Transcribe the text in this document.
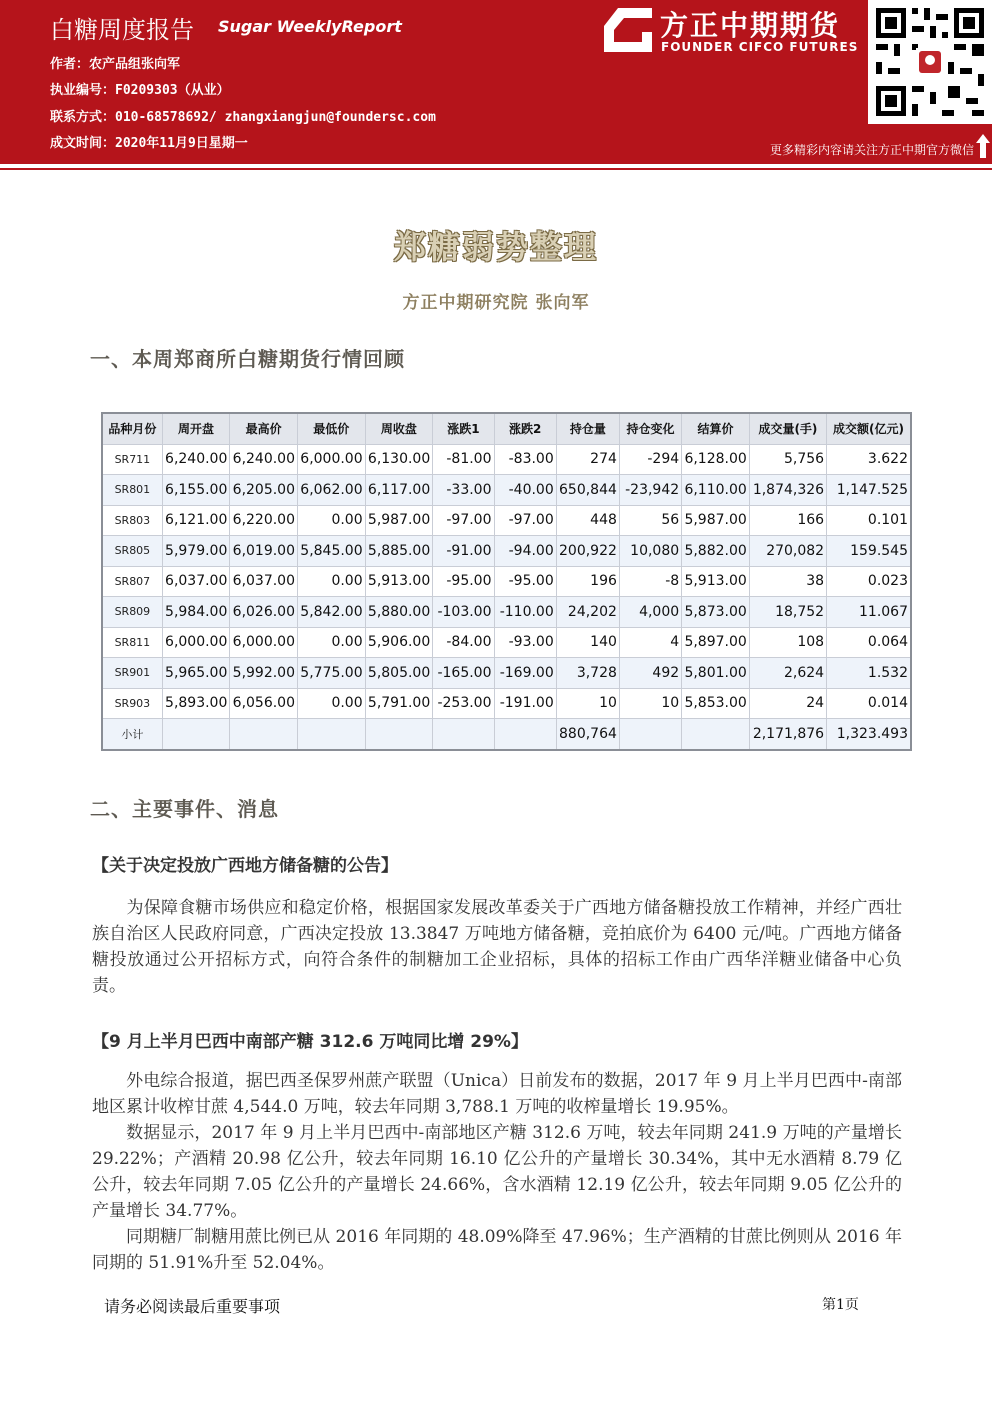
白糖周度报告 Sugar WeeklyReport
作者：农产品组张向军
执业编号：F0209303（从业）
联系方式：010-68578692/ zhangxiangjun@foundersc.com
成文时间：2020年11月9日星期一
方正中期期货
FOUNDER CIFCO FUTURES
更多精彩内容请关注方正中期官方微信
郑糖弱势整理
方正中期研究院 张向军
一、本周郑商所白糖期货行情回顾
品种月份	周开盘	最高价	最低价	周收盘	涨跌1	涨跌2	持仓量	持仓变化	结算价	成交量(手)	成交额(亿元)
SR711	6,240.00	6,240.00	6,000.00	6,130.00	-81.00	-83.00	274	-294	6,128.00	5,756	3.622
SR801	6,155.00	6,205.00	6,062.00	6,117.00	-33.00	-40.00	650,844	-23,942	6,110.00	1,874,326	1,147.525
SR803	6,121.00	6,220.00	0.00	5,987.00	-97.00	-97.00	448	56	5,987.00	166	0.101
SR805	5,979.00	6,019.00	5,845.00	5,885.00	-91.00	-94.00	200,922	10,080	5,882.00	270,082	159.545
SR807	6,037.00	6,037.00	0.00	5,913.00	-95.00	-95.00	196	-8	5,913.00	38	0.023
SR809	5,984.00	6,026.00	5,842.00	5,880.00	-103.00	-110.00	24,202	4,000	5,873.00	18,752	11.067
SR811	6,000.00	6,000.00	0.00	5,906.00	-84.00	-93.00	140	4	5,897.00	108	0.064
SR901	5,965.00	5,992.00	5,775.00	5,805.00	-165.00	-169.00	3,728	492	5,801.00	2,624	1.532
SR903	5,893.00	6,056.00	0.00	5,791.00	-253.00	-191.00	10	10	5,853.00	24	0.014
小计							880,764			2,171,876	1,323.493
二、主要事件、消息
【关于决定投放广西地方储备糖的公告】
　　为保障食糖市场供应和稳定价格，根据国家发展改革委关于广西地方储备糖投放工作精神，并经广西壮族自治区人民政府同意，广西决定投放 13.3847 万吨地方储备糖，竞拍底价为 6400 元/吨。广西地方储备糖投放通过公开招标方式，向符合条件的制糖加工企业招标，具体的招标工作由广西华洋糖业储备中心负责。
【9 月上半月巴西中南部产糖 312.6 万吨同比增 29%】
　　外电综合报道，据巴西圣保罗州蔗产联盟（Unica）日前发布的数据，2017 年 9 月上半月巴西中-南部地区累计收榨甘蔗 4,544.0 万吨，较去年同期 3,788.1 万吨的收榨量增长 19.95%。
　　数据显示，2017 年 9 月上半月巴西中-南部地区产糖 312.6 万吨，较去年同期 241.9 万吨的产量增长 29.22%；产酒精 20.98 亿公升，较去年同期 16.10 亿公升的产量增长 30.34%，其中无水酒精 8.79 亿公升，较去年同期 7.05 亿公升的产量增长 24.66%，含水酒精 12.19 亿公升，较去年同期 9.05 亿公升的产量增长 34.77%。
　　同期糖厂制糖用蔗比例已从 2016 年同期的 48.09%降至 47.96%；生产酒精的甘蔗比例则从 2016 年同期的 51.91%升至 52.04%。
请务必阅读最后重要事项	第1页
